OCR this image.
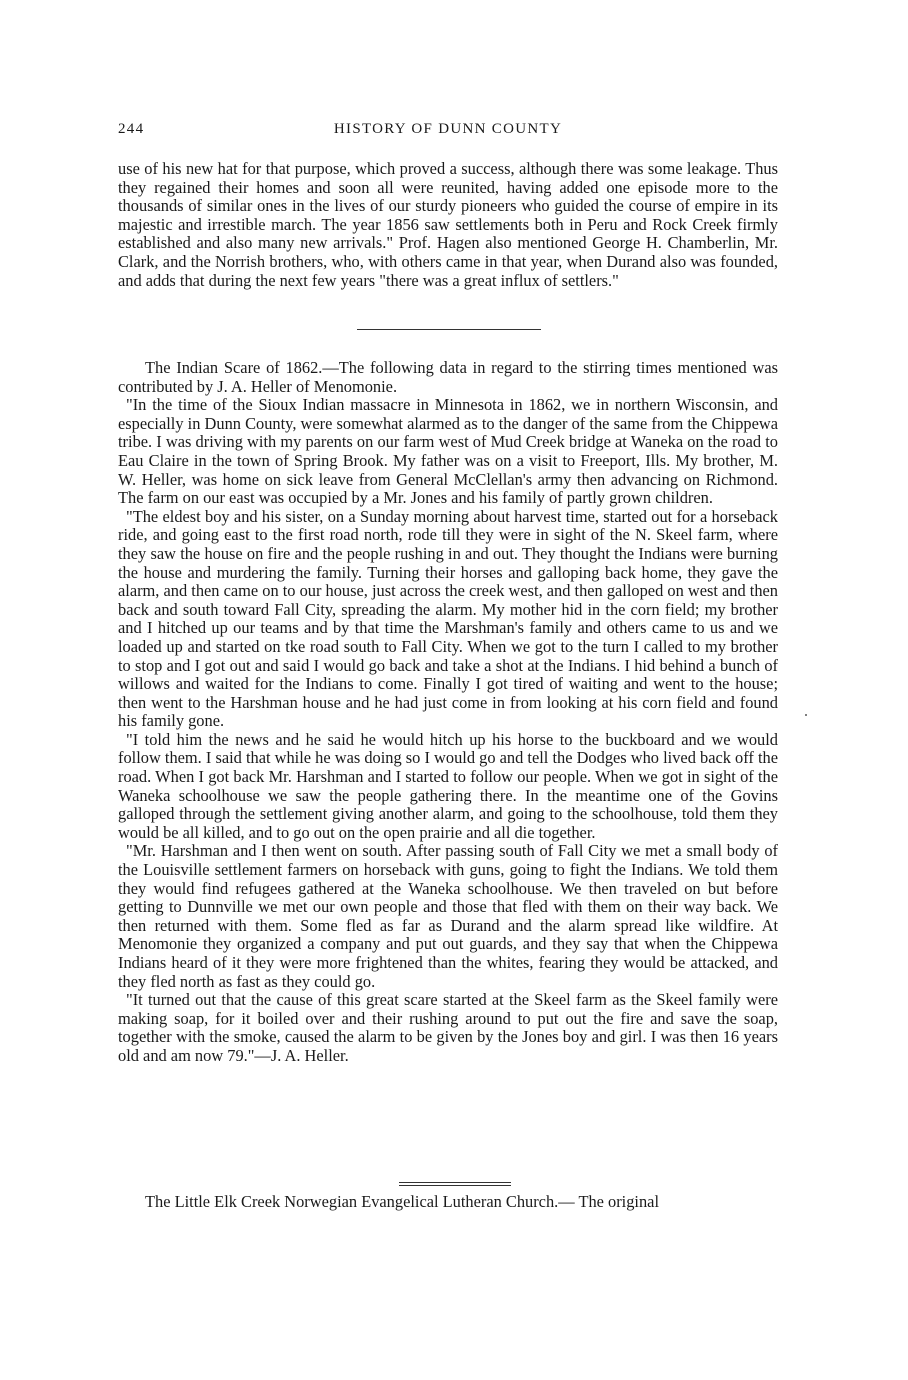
244	HISTORY OF DUNN COUNTY

use of his new hat for that purpose, which proved a success, although there was some leakage. Thus they regained their homes and soon all were reunited, having added one episode more to the thousands of similar ones in the lives of our sturdy pioneers who guided the course of empire in its majestic and irrestible march. The year 1856 saw settlements both in Peru and Rock Creek firmly established and also many new arrivals." Prof. Hagen also mentioned George H. Chamberlin, Mr. Clark, and the Norrish brothers, who, with others came in that year, when Durand also was founded, and adds that during the next few years "there was a great influx of settlers."

The Indian Scare of 1862.—The following data in regard to the stirring times mentioned was contributed by J. A. Heller of Menomonie.

"In the time of the Sioux Indian massacre in Minnesota in 1862, we in northern Wisconsin, and especially in Dunn County, were somewhat alarmed as to the danger of the same from the Chippewa tribe. I was driving with my parents on our farm west of Mud Creek bridge at Waneka on the road to Eau Claire in the town of Spring Brook. My father was on a visit to Freeport, Ills. My brother, M. W. Heller, was home on sick leave from General McClellan's army then advancing on Richmond. The farm on our east was occupied by a Mr. Jones and his family of partly grown children.

"The eldest boy and his sister, on a Sunday morning about harvest time, started out for a horseback ride, and going east to the first road north, rode till they were in sight of the N. Skeel farm, where they saw the house on fire and the people rushing in and out. They thought the Indians were burning the house and murdering the family. Turning their horses and galloping back home, they gave the alarm, and then came on to our house, just across the creek west, and then galloped on west and then back and south toward Fall City, spreading the alarm. My mother hid in the corn field; my brother and I hitched up our teams and by that time the Marshman's family and others came to us and we loaded up and started on tke road south to Fall City. When we got to the turn I called to my brother to stop and I got out and said I would go back and take a shot at the Indians. I hid behind a bunch of willows and waited for the Indians to come. Finally I got tired of waiting and went to the house; then went to the Harshman house and he had just come in from looking at his corn field and found his family gone.

"I told him the news and he said he would hitch up his horse to the buckboard and we would follow them. I said that while he was doing so I would go and tell the Dodges who lived back off the road. When I got back Mr. Harshman and I started to follow our people. When we got in sight of the Waneka schoolhouse we saw the people gathering there. In the meantime one of the Govins galloped through the settlement giving another alarm, and going to the schoolhouse, told them they would be all killed, and to go out on the open prairie and all die together.

"Mr. Harshman and I then went on south. After passing south of Fall City we met a small body of the Louisville settlement farmers on horseback with guns, going to fight the Indians. We told them they would find refugees gathered at the Waneka schoolhouse. We then traveled on but before getting to Dunnville we met our own people and those that fled with them on their way back. We then returned with them. Some fled as far as Durand and the alarm spread like wildfire. At Menomonie they organized a company and put out guards, and they say that when the Chippewa Indians heard of it they were more frightened than the whites, fearing they would be attacked, and they fled north as fast as they could go.

"It turned out that the cause of this great scare started at the Skeel farm as the Skeel family were making soap, for it boiled over and their rushing around to put out the fire and save the soap, together with the smoke, caused the alarm to be given by the Jones boy and girl. I was then 16 years old and am now 79."—J. A. Heller.

The Little Elk Creek Norwegian Evangelical Lutheran Church.— The original
